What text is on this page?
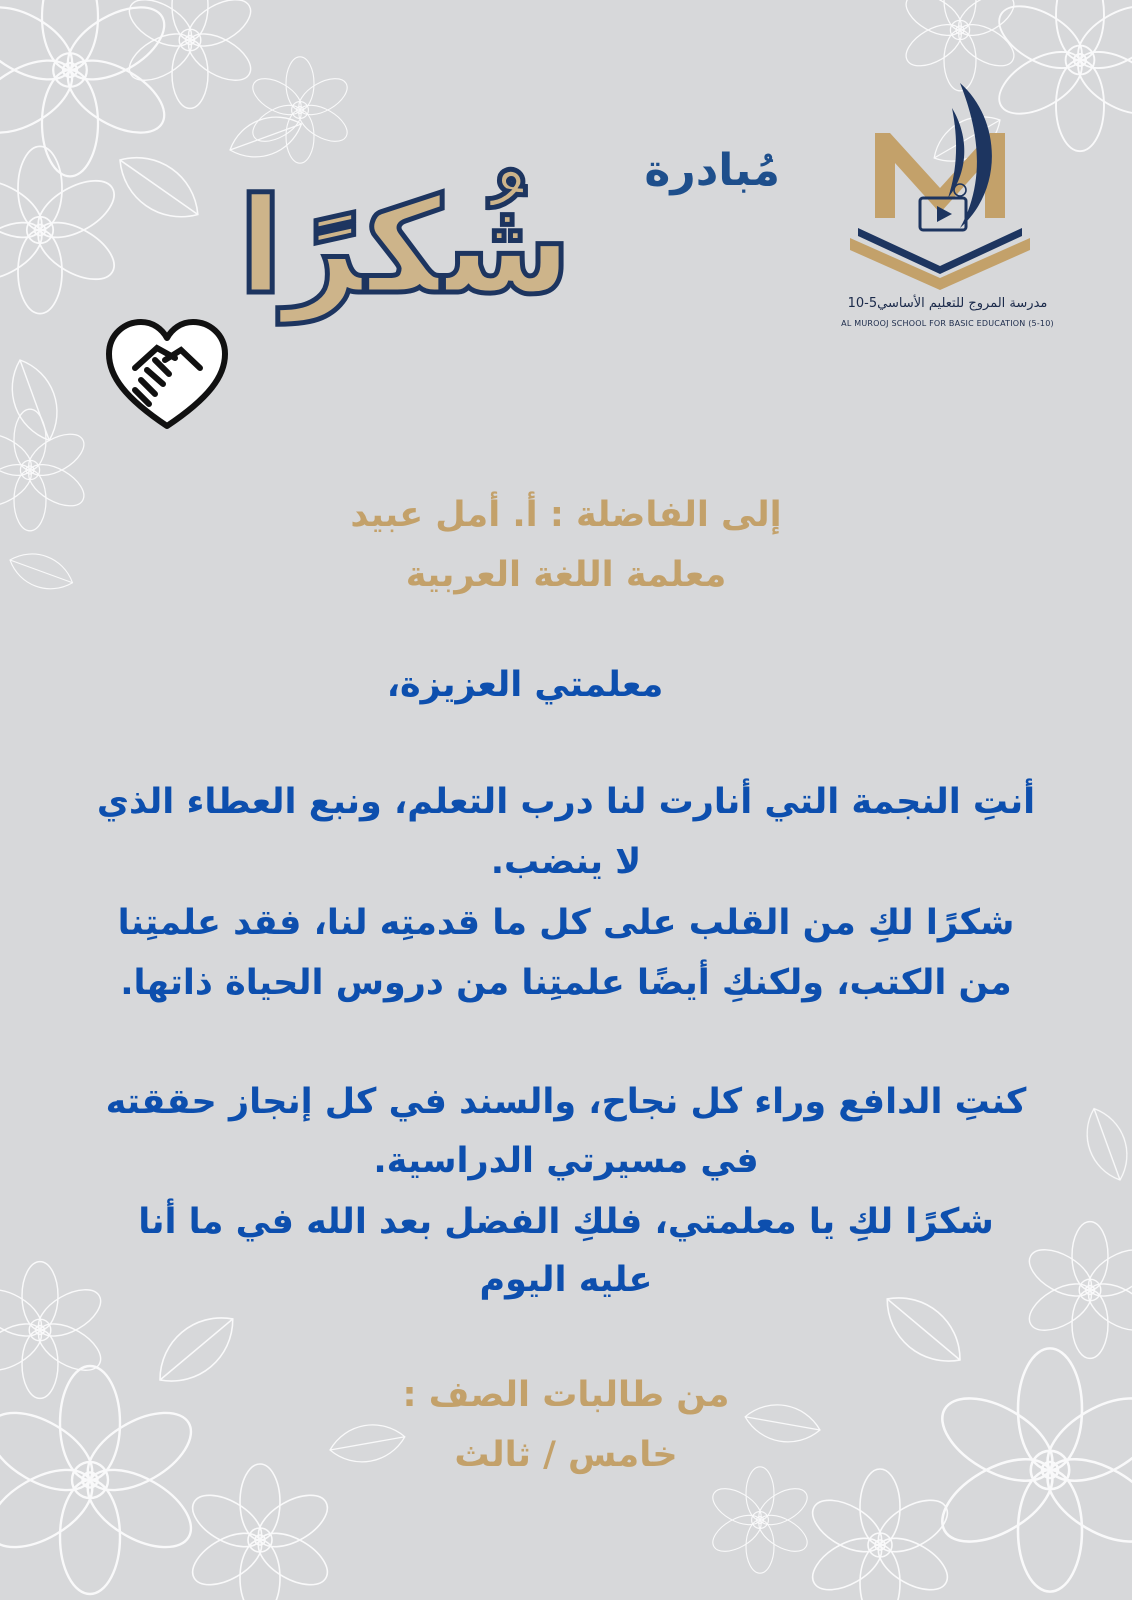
مدرسة المروج للتعليم الأساسي5-10
AL MUROOJ SCHOOL FOR BASIC EDUCATION (5-10)
مُبادرة
شُكرًا
إلى الفاضلة : أ. أمل عبيد
معلمة اللغة العربية
معلمتي العزيزة،
أنتِ النجمة التي أنارت لنا درب التعلم، ونبع العطاء الذي
لا ينضب.
شكرًا لكِ من القلب على كل ما قدمتِه لنا، فقد علمتِنا
من الكتب، ولكنكِ أيضًا علمتِنا من دروس الحياة ذاتها.
كنتِ الدافع وراء كل نجاح، والسند في كل إنجاز حققته
في مسيرتي الدراسية.
شكرًا لكِ يا معلمتي، فلكِ الفضل بعد الله في ما أنا
عليه اليوم
من طالبات الصف :
خامس / ثالث
